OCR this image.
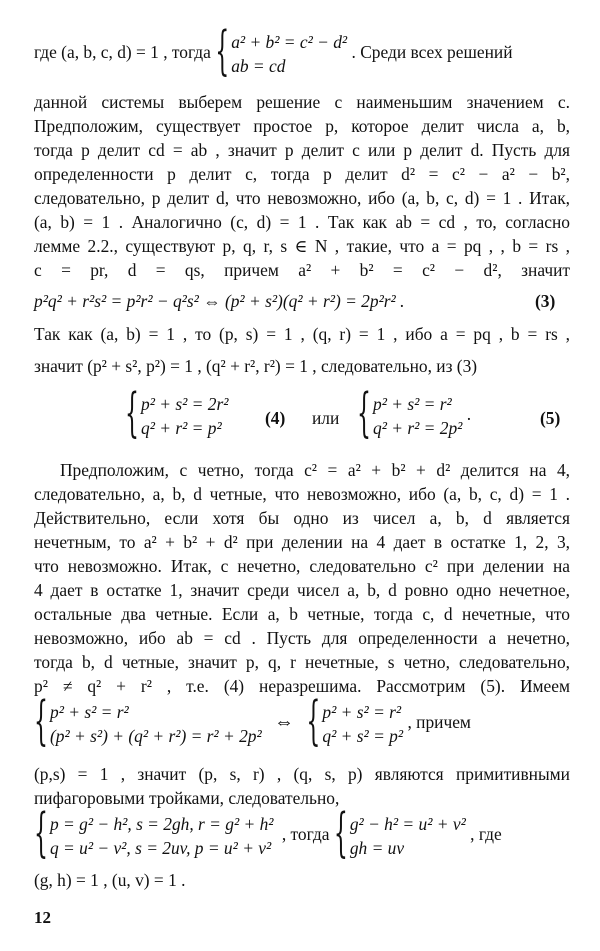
где (a, b, c, d) = 1 , тогда { a² + b² = c² − d²
ab = cd
. Среди всех решений
данной системы выберем решение с наименьшим значением c.
Предположим, существует простое p, которое делит числа a, b,
тогда p делит cd = ab , значит p делит c или p делит d. Пусть для
определенности p делит c, тогда p делит d² = c² − a² − b²,
следовательно, p делит d, что невозможно, ибо (a, b, c, d) = 1 . Итак,
(a, b) = 1 . Аналогично (c, d) = 1 . Так как ab = cd , то, согласно
лемме 2.2., существуют p, q, r, s ∈ N , такие, что a = pq , , b = rs ,
c = pr, d = qs, причем a² + b² = c² − d², значит
p²q² + r²s² = p²r² − q²s² ⇔ (p² + s²)(q² + r²) = 2p²r² .	(3)
Так как (a, b) = 1 , то (p, s) = 1 , (q, r) = 1 , ибо a = pq , b = rs ,
значит (p² + s², p²) = 1 , (q² + r², r²) = 1 , следовательно, из (3)
{ p² + s² = 2r²
q² + r² = p²	(4) или { p² + s² = r²
q² + r² = 2p²
.	(5)
Предположим, c четно, тогда c² = a² + b² + d² делится на 4,
следовательно, a, b, d четные, что невозможно, ибо (a, b, c, d) = 1 .
Действительно, если хотя бы одно из чисел a, b, d является
нечетным, то a² + b² + d² при делении на 4 дает в остатке 1, 2, 3,
что невозможно. Итак, c нечетно, следовательно c² при делении на
4 дает в остатке 1, значит среди чисел a, b, d ровно одно нечетное,
остальные два четные. Если a, b четные, тогда c, d нечетные, что
невозможно, ибо ab = cd . Пусть для определенности a нечетно,
тогда b, d четные, значит p, q, r нечетные, s четно, следовательно,
p² ≠ q² + r² , т.е. (4) неразрешима. Рассмотрим (5). Имеем
{ p² + s² = r²
(p² + s²) + (q² + r²) = r² + 2p²
⇔ { p² + s² = r²
q² + s² = p²
, причем
(p,s) = 1 , значит (p, s, r) , (q, s, p) являются примитивными
пифагоровыми тройками, следовательно,
{ p = g² − h², s = 2gh, r = g² + h²
q = u² − v², s = 2uv, p = u² + v²
, тогда { g² − h² = u² + v²
gh = uv
, где
(g, h) = 1 , (u, v) = 1 .
12
